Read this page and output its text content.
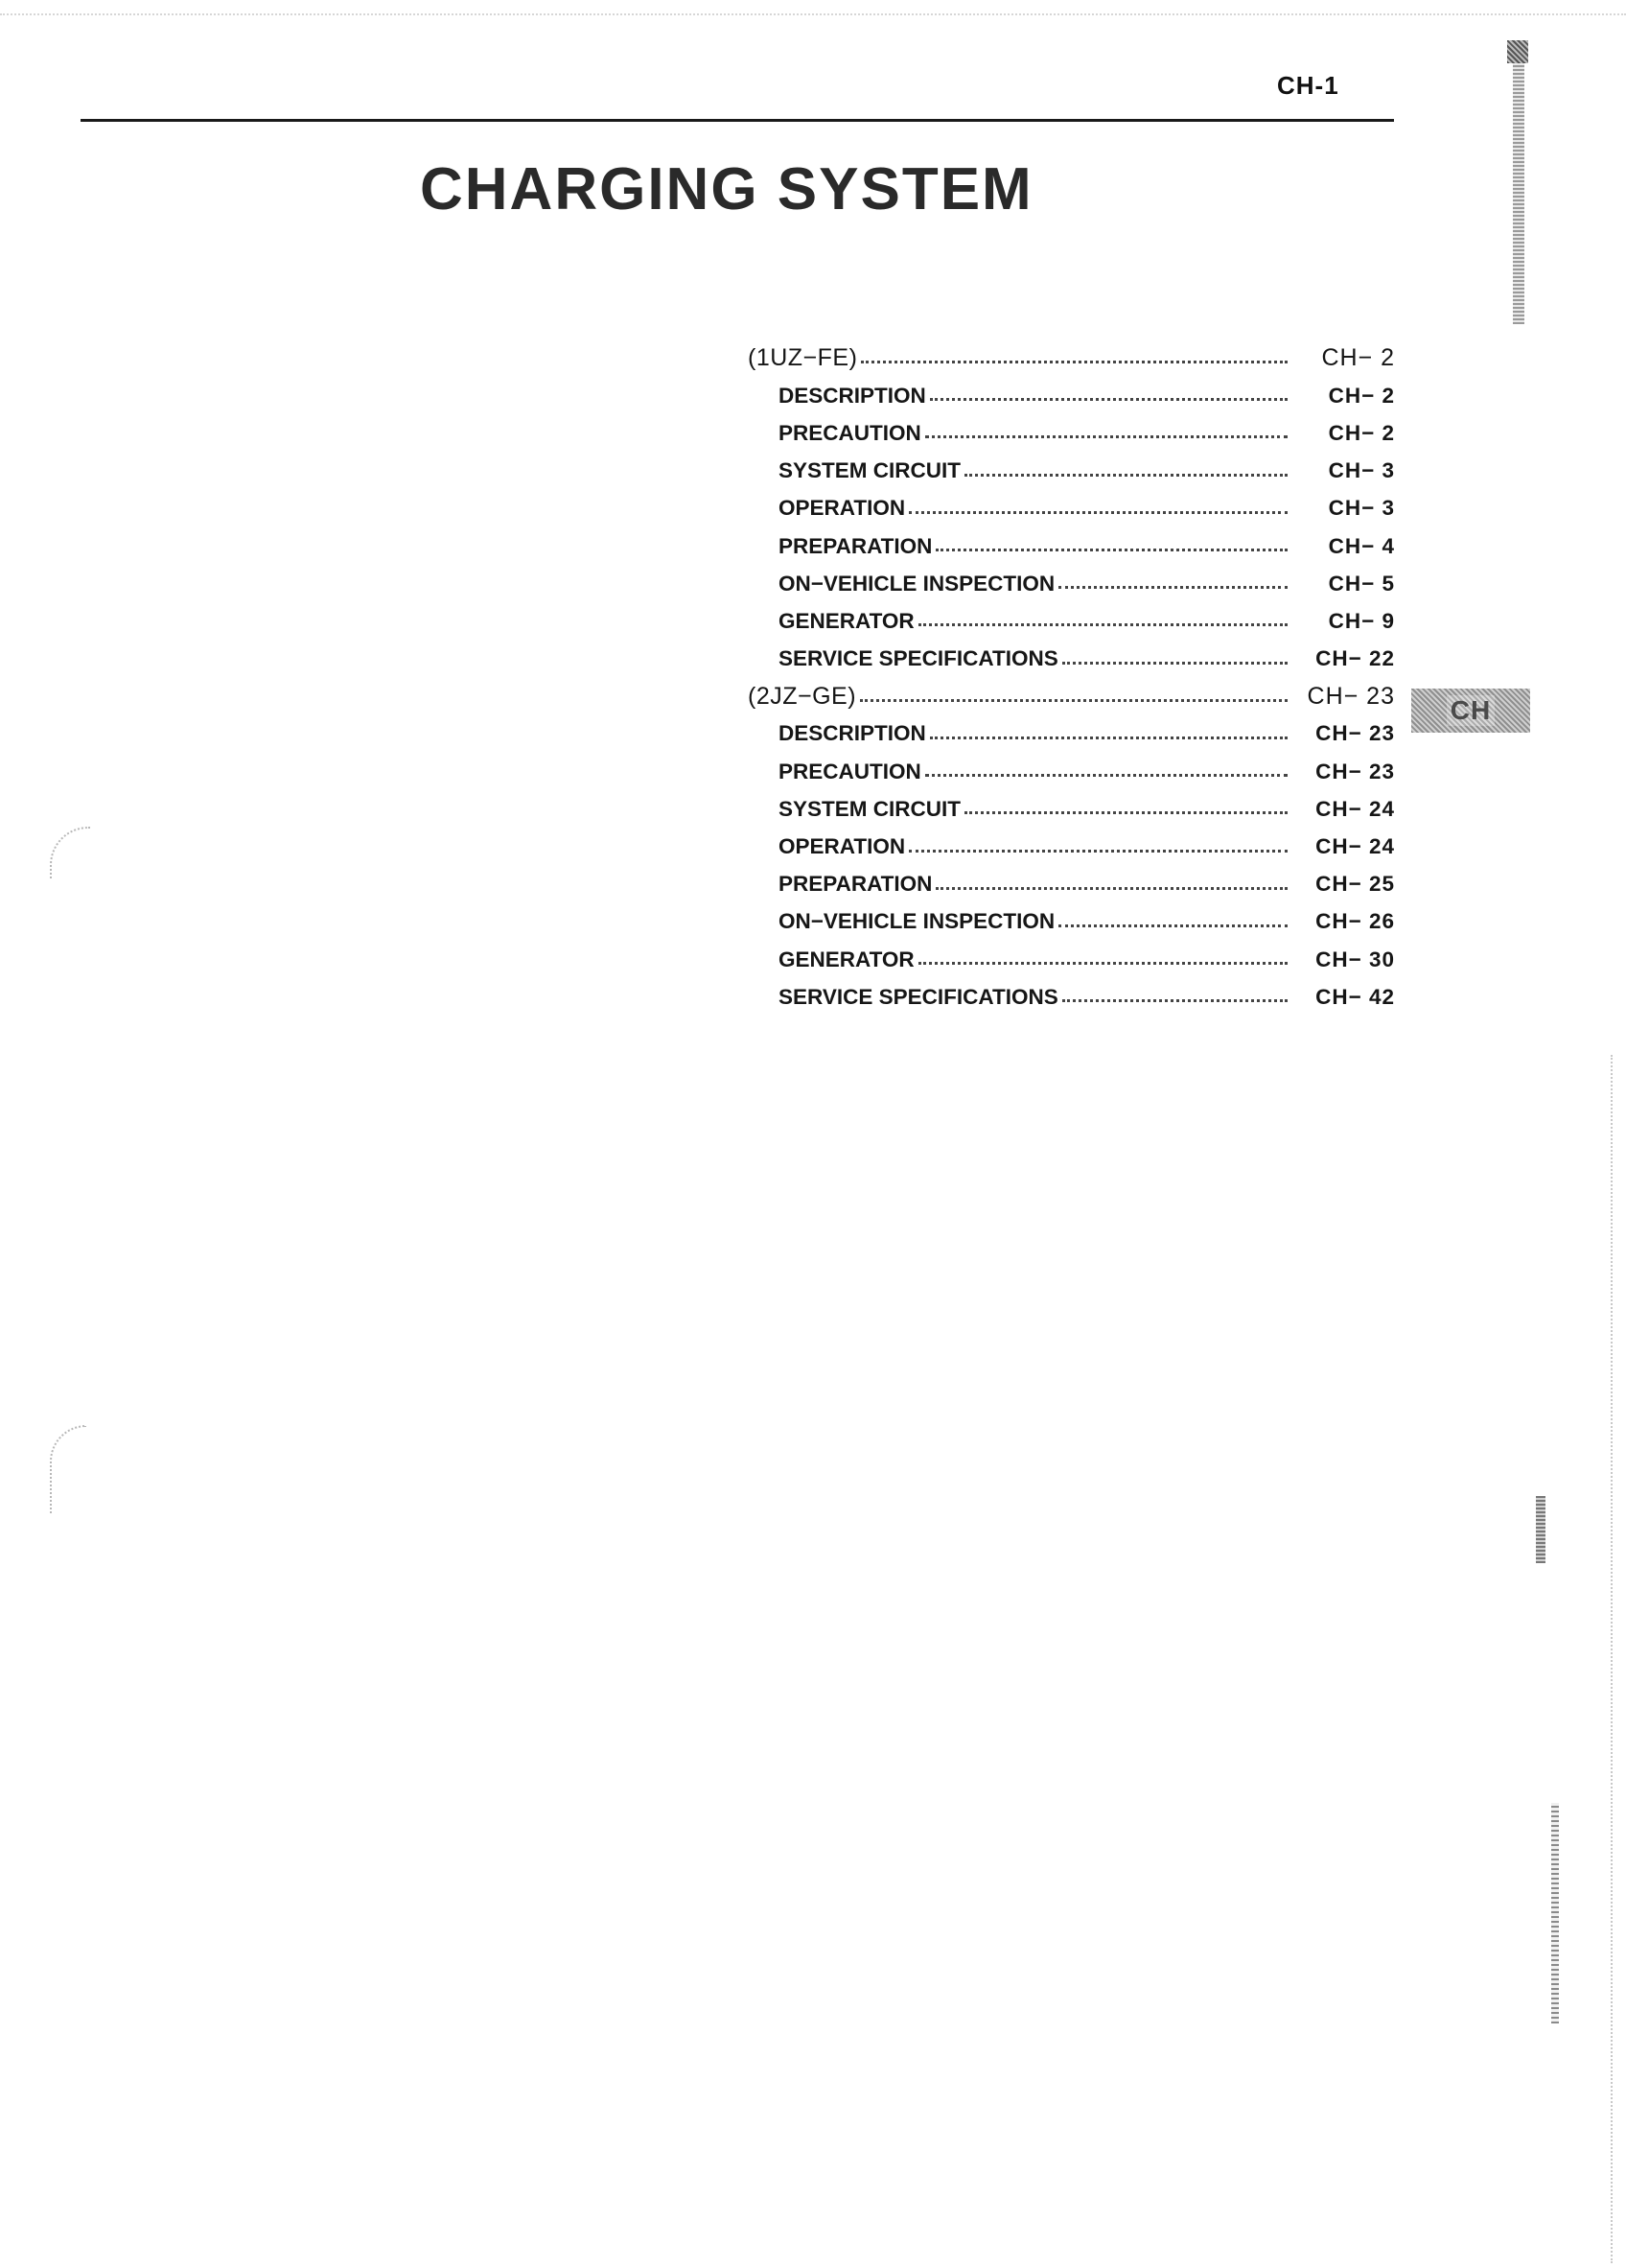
CH-1
CHARGING SYSTEM
(1UZ−FE)	CH− 2
DESCRIPTION	CH− 2
PRECAUTION	CH− 2
SYSTEM CIRCUIT	CH− 3
OPERATION	CH− 3
PREPARATION	CH− 4
ON−VEHICLE INSPECTION	CH− 5
GENERATOR	CH− 9
SERVICE SPECIFICATIONS	CH− 22
(2JZ−GE)	CH− 23
DESCRIPTION	CH− 23
PRECAUTION	CH− 23
SYSTEM CIRCUIT	CH− 24
OPERATION	CH− 24
PREPARATION	CH− 25
ON−VEHICLE INSPECTION	CH− 26
GENERATOR	CH− 30
SERVICE SPECIFICATIONS	CH− 42
CH
